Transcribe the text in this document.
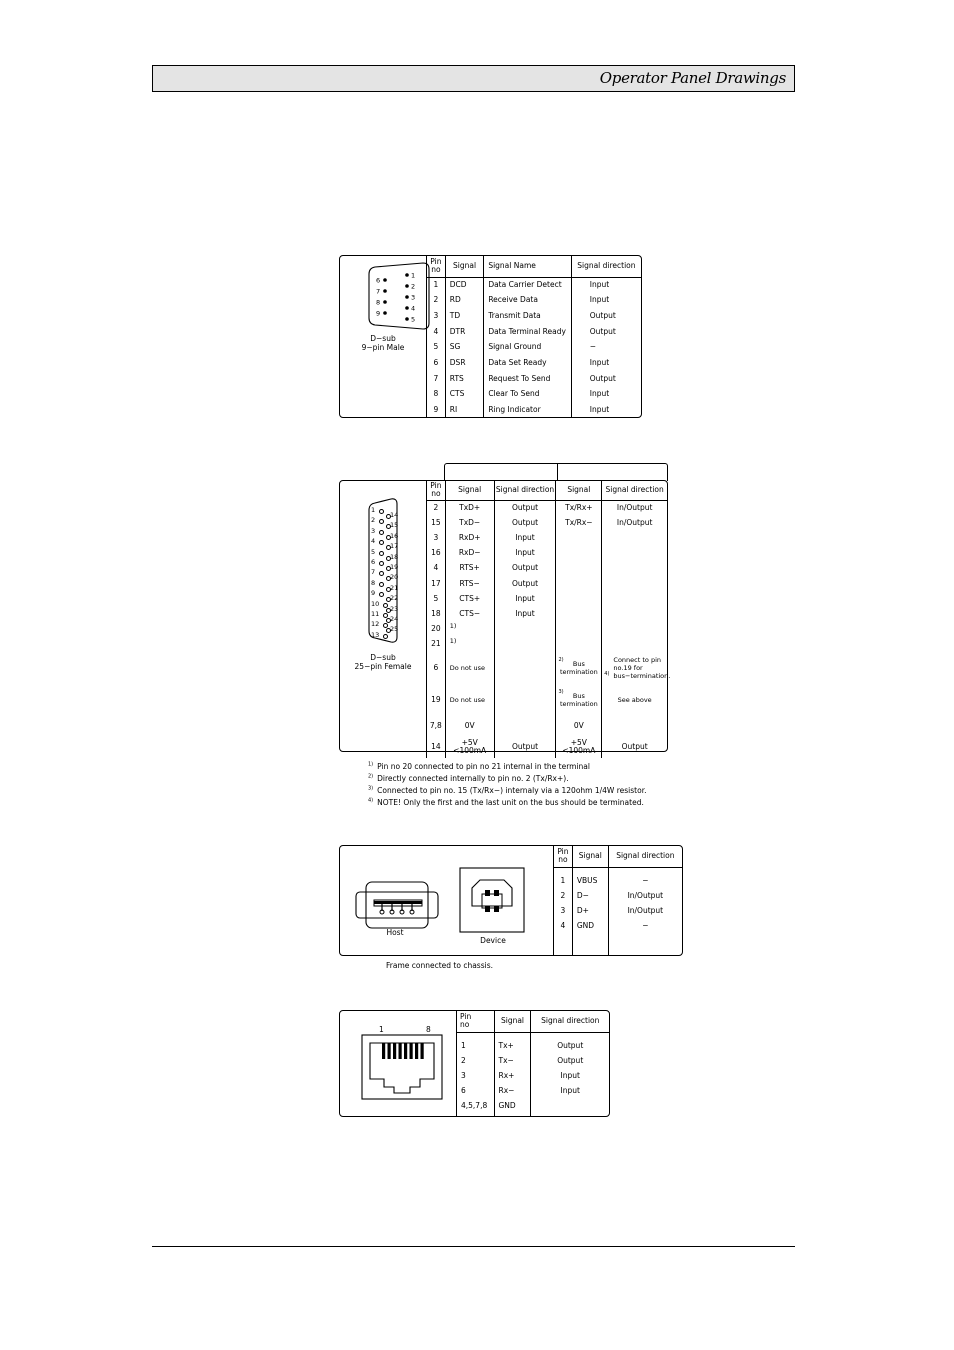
Operator Panel Drawings
1
2
3
4
5
6
7
8
9
D−sub
9−pin Male
Pin
no	Signal	Signal Name	Signal direction
1	DCD	Data Carrier Detect	Input
2	RD	Receive Data	Input
3	TD	Transmit Data	Output
4	DTR	Data Terminal Ready	Output
5	SG	Signal Ground	−
6	DSR	Data Set Ready	Input
7	RTS	Request To Send	Output
8	CTS	Clear To Send	Input
9	RI	Ring Indicator	Input
1
2
3
4
5
6
7
8
9
10
11
12
13
14
15
16
17
18
19
20
21
22
23
24
25
D−sub
25−pin Female
Pin
no	Signal	Signal direction	Signal	Signal direction
2	TxD+	Output	Tx/Rx+	In/Output
15	TxD−	Output	Tx/Rx−	In/Output
3	RxD+	Input		
16	RxD−	Input		
4	RTS+	Output		
17	RTS−	Output		
5	CTS+	Input		
18	CTS−	Input		
20	1)			
21	1)			
6	Do not use		2) Bus termination	$^{4)}$Connect to pin no.19 for bus−termination.
19	Do not use		3) Bus termination	See above
7,8	0V		0V	
14	+5V <100mA	Output	+5V <100mA	Output
$^{1)}$ Pin no 20 connected to pin no 21 internal in the terminal
$^{2)}$ Directly connected internally to pin no. 2 (Tx/Rx+).
$^{3)}$ Connected to pin no. 15 (Tx/Rx−) internaly via a 120ohm 1/4W resistor.
$^{4)}$ NOTE! Only the first and the last unit on the bus should be terminated.
Host
Device
Pin
no	Signal	Signal direction

1	VBUS	−
2	D−	In/Output
3	D+	In/Output
4	GND	−

Frame connected to chassis.
1	8
Pin
no	Signal	Signal direction

1	Tx+	Output
2	Tx−	Output
3	Rx+	Input
6	Rx−	Input
4,5,7,8	GND	
